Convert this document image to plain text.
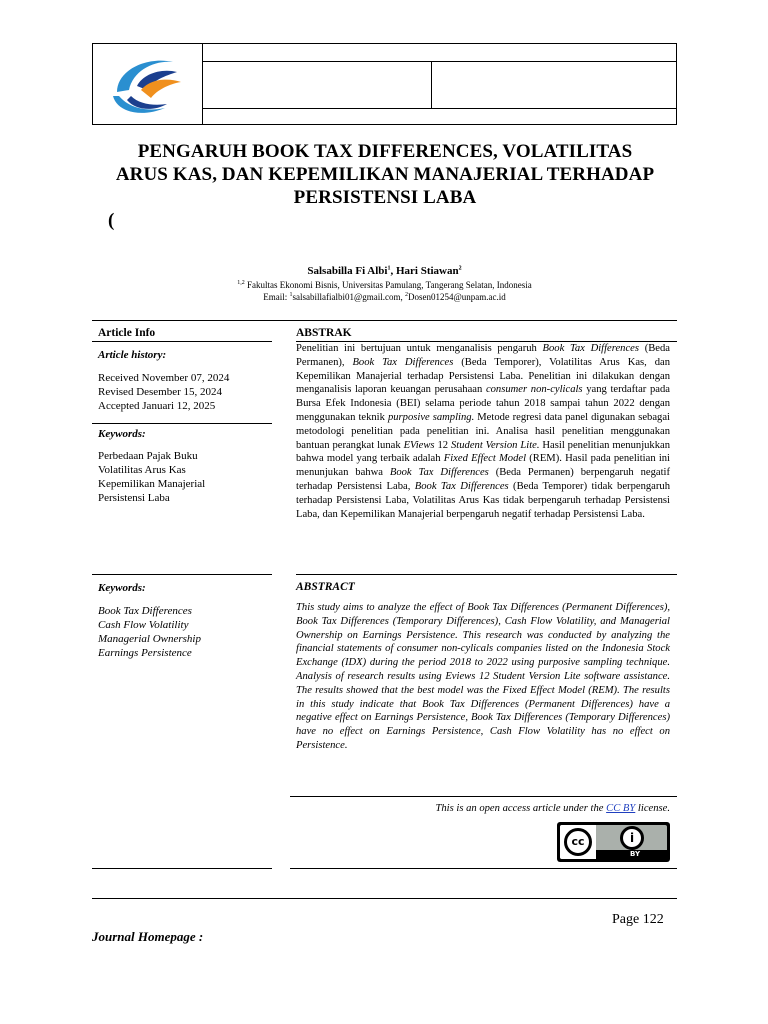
PENGARUH BOOK TAX DIFFERENCES, VOLATILITAS
ARUS KAS, DAN KEPEMILIKAN MANAJERIAL TERHADAP
PERSISTENSI LABA
(
Salsabilla Fi Albi$^1$, Hari Stiawan$^2$
$^{1,2}$ Fakultas Ekonomi Bisnis, Universitas Pamulang, Tangerang Selatan, Indonesia
Email: $^1$salsabillafialbi01@gmail.com, $^2$Dosen01254@unpam.ac.id
Article Info
Article history:
Received November 07, 2024
Revised Desember 15, 2024
Accepted Januari 12, 2025
Keywords:
Perbedaan Pajak Buku
Volatilitas Arus Kas
Kepemilikan Manajerial
Persistensi Laba
Keywords:
Book Tax Differences
Cash Flow Volatility
Managerial Ownership
Earnings Persistence
ABSTRAK
Penelitian ini bertujuan untuk menganalisis pengaruh Book Tax Differences (Beda Permanen), Book Tax Differences (Beda Temporer), Volatilitas Arus Kas, dan Kepemilikan Manajerial terhadap Persistensi Laba. Penelitian ini dilakukan dengan menganalisis laporan keuangan perusahaan consumer non-cylicals yang terdaftar pada Bursa Efek Indonesia (BEI) selama periode tahun 2018 sampai tahun 2022 dengan menggunakan teknik purposive sampling. Metode regresi data panel digunakan sebagai metodologi penelitian pada penelitian ini. Analisa hasil penelitian menggunakan bantuan perangkat lunak EViews 12 Student Version Lite. Hasil penelitian menunjukkan bahwa model yang terbaik adalah Fixed Effect Model (REM). Hasil pada penelitian ini menunjukan bahwa Book Tax Differences (Beda Permanen) berpengaruh negatif terhadap Persistensi Laba, Book Tax Differences (Beda Temporer) tidak berpengaruh terhadap Persistensi Laba, Volatilitas Arus Kas tidak berpengaruh terhadap Persistensi Laba, dan Kepemilikan Manajerial berpengaruh negatif terhadap Persistensi Laba.
ABSTRACT
This study aims to analyze the effect of Book Tax Differences (Permanent Differences), Book Tax Differences (Temporary Differences), Cash Flow Volatility, and Managerial Ownership on Earnings Persistence. This research was conducted by analyzing the financial statements of consumer non-cylicals companies listed on the Indonesia Stock Exchange (IDX) during the period 2018 to 2022 using purposive sampling technique. Analysis of research results using Eviews 12 Student Version Lite software assistance. The results showed that the best model was the Fixed Effect Model (REM). The results in this study indicate that Book Tax Differences (Permanent Differences) have a negative effect on Earnings Persistence, Book Tax Differences (Temporary Differences) have no effect on Earnings Persistence, Cash Flow Volatility has no effect on Persistence.
This is an open access article under the CC BY license.
cc	i
BY
Page 122
Journal Homepage :
